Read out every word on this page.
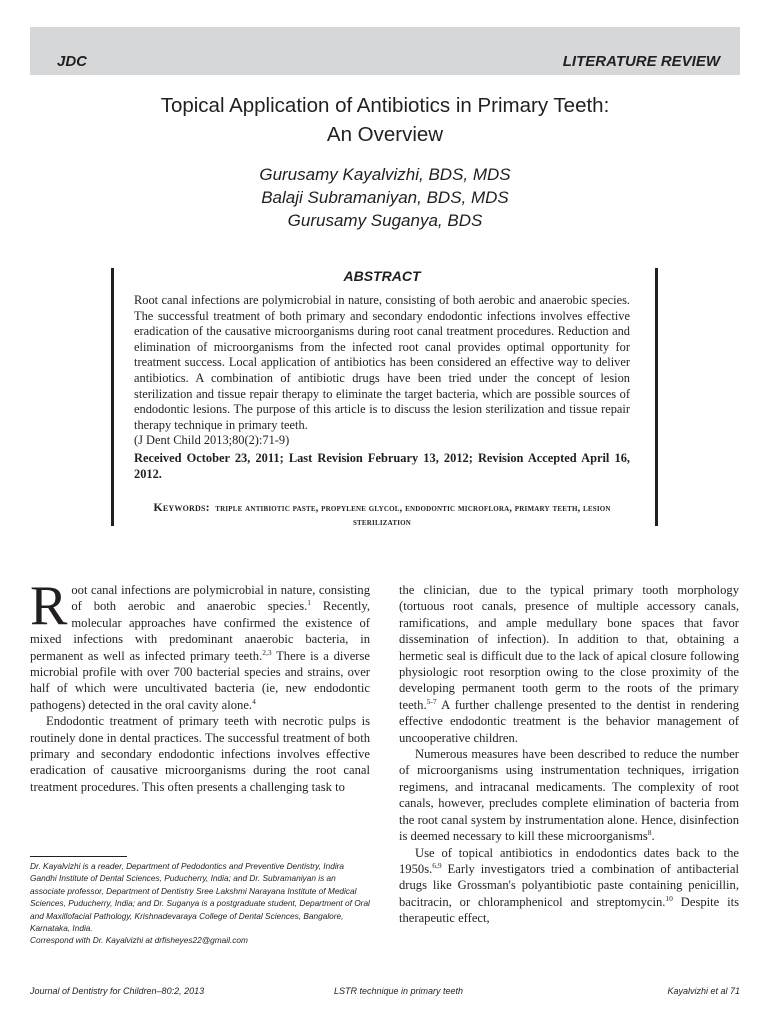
JDC	LITERATURE REVIEW
Topical Application of Antibiotics in Primary Teeth:
An Overview
Gurusamy Kayalvizhi, BDS, MDS
Balaji Subramaniyan, BDS, MDS
Gurusamy Suganya, BDS
ABSTRACT

Root canal infections are polymicrobial in nature, consisting of both aerobic and anaerobic species. The successful treatment of both primary and secondary endodontic infections involves effective eradication of the causative microorganisms during root canal treatment procedures. Reduction and elimination of microorganisms from the infected root canal provides optimal opportunity for treatment success. Local application of antibiotics has been considered an effective way to deliver antibiotics. A combination of antibiotic drugs have been tried under the concept of lesion sterilization and tissue repair therapy to eliminate the target bacteria, which are possible sources of endodontic lesions. The purpose of this article is to discuss the lesion sterilization and tissue repair therapy technique in primary teeth.

(J Dent Child 2013;80(2):71-9)

Received October 23, 2011; Last Revision February 13, 2012; Revision Accepted April 16, 2012.

Keywords: triple antibiotic paste, propylene glycol, endodontic microflora, primary teeth, lesion sterilization

Root canal infections are polymicrobial in nature, consisting of both aerobic and anaerobic species.$^1$ Recently, molecular approaches have confirmed the existence of mixed infections with predominant anaerobic bacteria, in permanent as well as infected primary teeth.$^{2,3}$ There is a diverse microbial profile with over 700 bacterial species and strains, over half of which were uncultivated bacteria (ie, new endodontic pathogens) detected in the oral cavity alone.$^4$

Endodontic treatment of primary teeth with necrotic pulps is routinely done in dental practices. The successful treatment of both primary and secondary endodontic infections involves effective eradication of causative microorganisms during the root canal treatment procedures. This often presents a challenging task to

the clinician, due to the typical primary tooth morphology (tortuous root canals, presence of multiple accessory canals, ramifications, and ample medullary bone spaces that favor dissemination of infection). In addition to that, obtaining a hermetic seal is difficult due to the lack of apical closure following physiologic root resorption owing to the close proximity of the developing permanent tooth germ to the roots of the primary teeth.$^{5-7}$ A further challenge presented to the dentist in rendering effective endodontic treatment is the behavior management of uncooperative children.

Numerous measures have been described to reduce the number of microorganisms using instrumentation techniques, irrigation regimens, and intracanal medicaments. The complexity of root canals, however, precludes complete elimination of bacteria from the root canal system by instrumentation alone. Hence, disinfection is deemed necessary to kill these microorganisms$^8$.

Use of topical antibiotics in endodontics dates back to the 1950s.$^{6,9}$ Early investigators tried a combination of antibacterial drugs like Grossman's polyantibiotic paste containing penicillin, bacitracin, or chloramphenicol and streptomycin.$^{10}$ Despite its therapeutic effect,

Dr. Kayalvizhi is a reader, Department of Pedodontics and Preventive Dentistry, Indira Gandhi Institute of Dental Sciences, Puducherry, India; and Dr. Subramaniyan is an associate professor, Department of Dentistry Sree Lakshmi Narayana Institute of Medical Sciences, Puducherry, India; and Dr. Suganya is a postgraduate student, Department of Oral and Maxillofacial Pathology, Krishnadevaraya College of Dental Sciences, Bangalore, Karnataka, India.

Correspond with Dr. Kayalvizhi at drfisheyes22@gmail.com

Journal of Dentistry for Children–80:2, 2013	LSTR technique in primary teeth	Kayalvizhi et al 71
